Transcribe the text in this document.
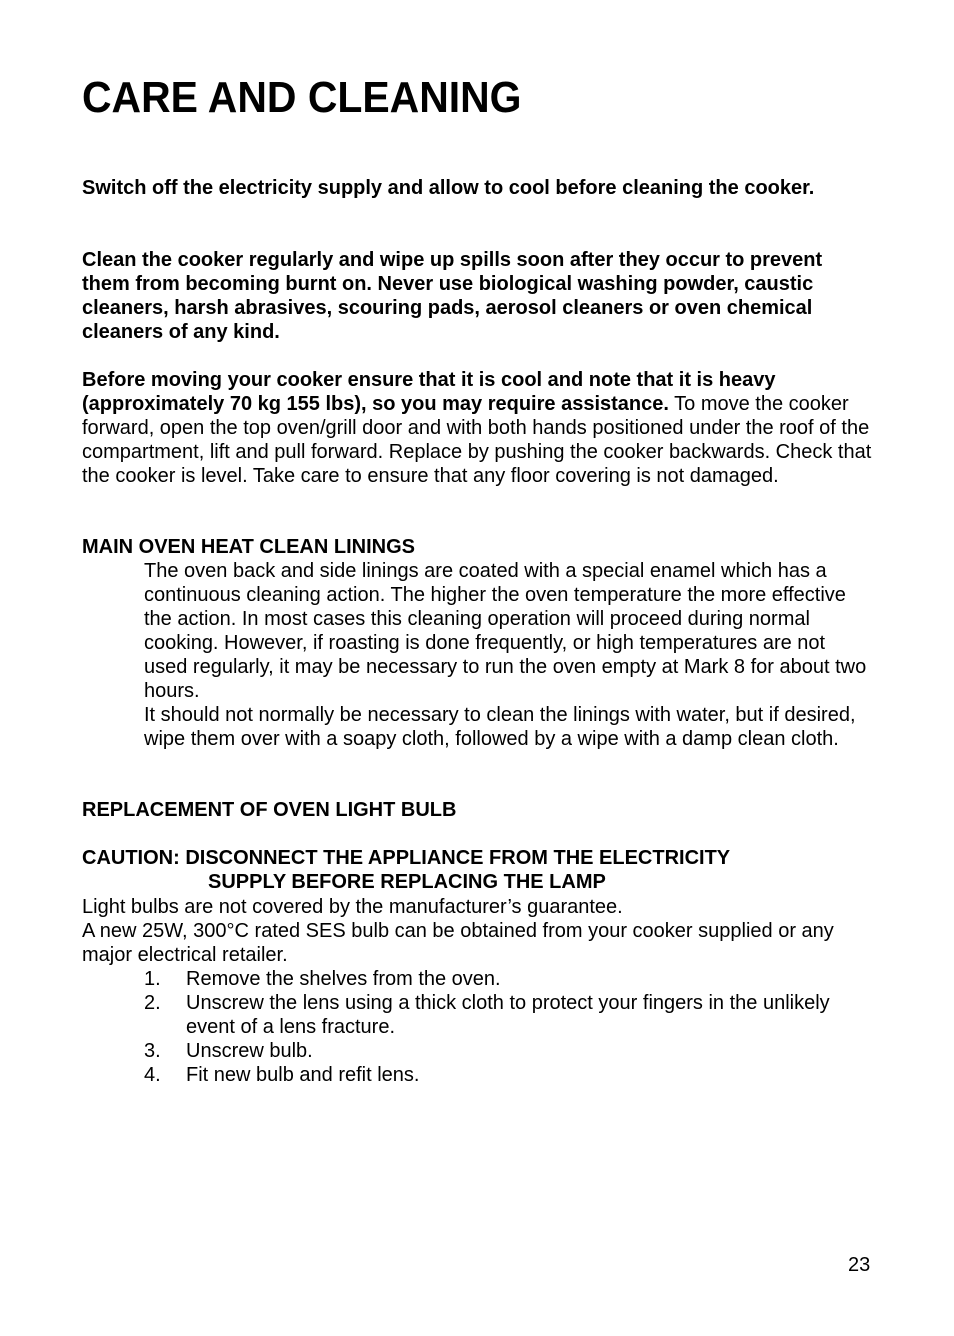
CARE AND CLEANING

Switch off the electricity supply and allow to cool before cleaning the cooker.

Clean the cooker regularly and wipe up spills soon after they occur to prevent them from becoming burnt on. Never use biological washing powder, caustic cleaners, harsh abrasives, scouring pads, aerosol cleaners or oven chemical cleaners of any kind.

Before moving your cooker ensure that it is cool and note that it is heavy (approximately 70 kg 155 lbs), so you may require assistance. To move the cooker forward, open the top oven/grill door and with both hands positioned under the roof of the compartment, lift and pull forward. Replace by pushing the cooker backwards. Check that the cooker is level. Take care to ensure that any floor covering is not damaged.

MAIN OVEN HEAT CLEAN LININGS

The oven back and side linings are coated with a special enamel which has a continuous cleaning action. The higher the oven temperature the more effective the action. In most cases this cleaning operation will proceed during normal cooking. However, if roasting is done frequently, or high temperatures are not used regularly, it may be necessary to run the oven empty at Mark 8 for about two hours.

It should not normally be necessary to clean the linings with water, but if desired, wipe them over with a soapy cloth, followed by a wipe with a damp clean cloth.

REPLACEMENT OF OVEN LIGHT BULB

CAUTION: DISCONNECT THE APPLIANCE FROM THE ELECTRICITY

SUPPLY BEFORE REPLACING THE LAMP

Light bulbs are not covered by the manufacturer’s guarantee.

A new 25W, 300°C rated SES bulb can be obtained from your cooker supplied or any major electrical retailer.

1. Remove the shelves from the oven.
2. Unscrew the lens using a thick cloth to protect your fingers in the unlikely event of a lens fracture.
3. Unscrew bulb.
4. Fit new bulb and refit lens.
23
